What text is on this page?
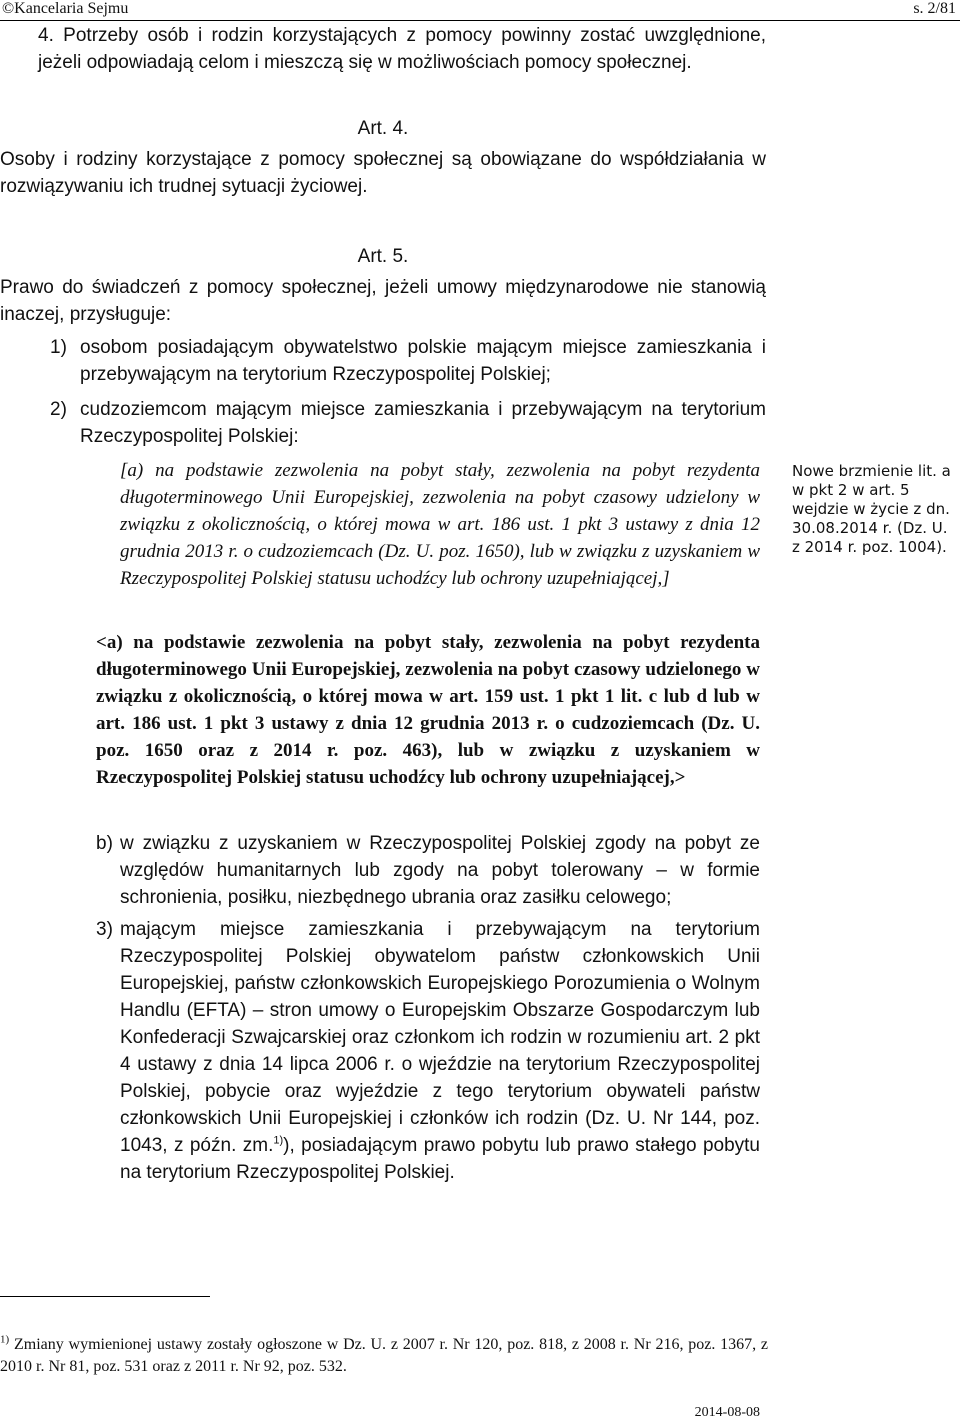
©Kancelaria Sejmu	s. 2/81
4. Potrzeby osób i rodzin korzystających z pomocy powinny zostać uwzględnione, jeżeli odpowiadają celom i mieszczą się w możliwościach pomocy społecznej.
Art. 4.
Osoby i rodziny korzystające z pomocy społecznej są obowiązane do współdziałania w rozwiązywaniu ich trudnej sytuacji życiowej.
Art. 5.
Prawo do świadczeń z pomocy społecznej, jeżeli umowy międzynarodowe nie stanowią inaczej, przysługuje:
1) osobom posiadającym obywatelstwo polskie mającym miejsce zamieszkania i przebywającym na terytorium Rzeczypospolitej Polskiej;
2) cudzoziemcom mającym miejsce zamieszkania i przebywającym na terytorium Rzeczypospolitej Polskiej:
[a) na podstawie zezwolenia na pobyt stały, zezwolenia na pobyt rezydenta długoterminowego Unii Europejskiej, zezwolenia na pobyt czasowy udzielony w związku z okolicznością, o której mowa w art. 186 ust. 1 pkt 3 ustawy z dnia 12 grudnia 2013 r. o cudzoziemcach (Dz. U. poz. 1650), lub w związku z uzyskaniem w Rzeczypospolitej Polskiej statusu uchodźcy lub ochrony uzupełniającej,]
<a) na podstawie zezwolenia na pobyt stały, zezwolenia na pobyt rezydenta długoterminowego Unii Europejskiej, zezwolenia na pobyt czasowy udzielonego w związku z okolicznością, o której mowa w art. 159 ust. 1 pkt 1 lit. c lub d lub w art. 186 ust. 1 pkt 3 ustawy z dnia 12 grudnia 2013 r. o cudzoziemcach (Dz. U. poz. 1650 oraz z 2014 r. poz. 463), lub w związku z uzyskaniem w Rzeczypospolitej Polskiej statusu uchodźcy lub ochrony uzupełniającej,>
b) w związku z uzyskaniem w Rzeczypospolitej Polskiej zgody na pobyt ze względów humanitarnych lub zgody na pobyt tolerowany – w formie schronienia, posiłku, niezbędnego ubrania oraz zasiłku celowego;
3) mającym miejsce zamieszkania i przebywającym na terytorium Rzeczypospolitej Polskiej obywatelom państw członkowskich Unii Europejskiej, państw członkowskich Europejskiego Porozumienia o Wolnym Handlu (EFTA) – stron umowy o Europejskim Obszarze Gospodarczym lub Konfederacji Szwajcarskiej oraz członkom ich rodzin w rozumieniu art. 2 pkt 4 ustawy z dnia 14 lipca 2006 r. o wjeździe na terytorium Rzeczypospolitej Polskiej, pobycie oraz wyjeździe z tego terytorium obywateli państw członkowskich Unii Europejskiej i członków ich rodzin (Dz. U. Nr 144, poz. 1043, z późn. zm.$^{1)}$), posiadającym prawo pobytu lub prawo stałego pobytu na terytorium Rzeczypospolitej Polskiej.
Nowe brzmienie lit. a w pkt 2 w art. 5 wejdzie w życie z dn. 30.08.2014 r. (Dz. U. z 2014 r. poz. 1004).
$^{1)}$ Zmiany wymienionej ustawy zostały ogłoszone w Dz. U. z 2007 r. Nr 120, poz. 818, z 2008 r. Nr 216, poz. 1367, z 2010 r. Nr 81, poz. 531 oraz z 2011 r. Nr 92, poz. 532.
2014-08-08
